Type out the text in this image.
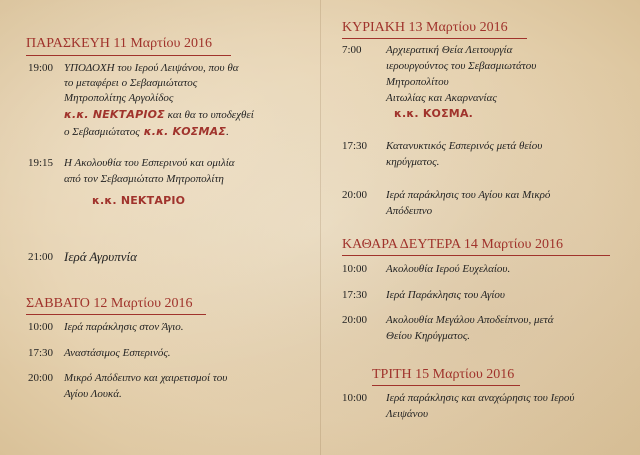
ΠΑΡΑΣΚΕΥΗ 11 Μαρτίου 2016
19:00 ΥΠΟΔΟΧΗ του Ιερού Λειψάνου, που θα
το μεταφέρει ο Σεβασμιώτατος
Μητροπολίτης Αργολίδος
κ.κ. ΝΕΚΤΑΡΙΟΣ και θα το υποδεχθεί
ο Σεβασμιώτατος κ.κ. ΚΟΣΜΑΣ.
19:15 Η Ακολουθία του Εσπερινού και ομιλία
από τον Σεβασμιώτατο Μητροπολίτη
κ.κ. ΝΕΚΤΑΡΙΟ
21:00 Ιερά Αγρυπνία
ΣΑΒΒΑΤΟ 12 Μαρτίου 2016
10:00 Ιερά παράκλησις στον Άγιο.
17:30 Αναστάσιμος Εσπερινός.
20:00 Μικρό Απόδειπνο και χαιρετισμοί του
Αγίου Λουκά.
ΚΥΡΙΑΚΗ 13 Μαρτίου 2016
7:00 Αρχιερατική Θεία Λειτουργία
ιερουργούντος του Σεβασμιωτάτου
Μητροπολίτου
Αιτωλίας και Ακαρνανίας
κ.κ. ΚΟΣΜΑ.
17:30 Κατανυκτικός Εσπερινός μετά θείου
κηρύγματος.
20:00 Ιερά παράκλησις του Αγίου και Μικρό
Απόδειπνο
ΚΑΘΑΡΑ ΔΕΥΤΕΡΑ 14 Μαρτίου 2016
10:00 Ακολουθία Ιερού Ευχελαίου.
17:30 Ιερά Παράκλησις του Αγίου
20:00 Ακολουθία Μεγάλου Αποδείπνου, μετά
Θείου Κηρύγματος.
ΤΡΙΤΗ 15 Μαρτίου 2016
10:00 Ιερά παράκλησις και αναχώρησις του Ιερού
Λειψάνου
